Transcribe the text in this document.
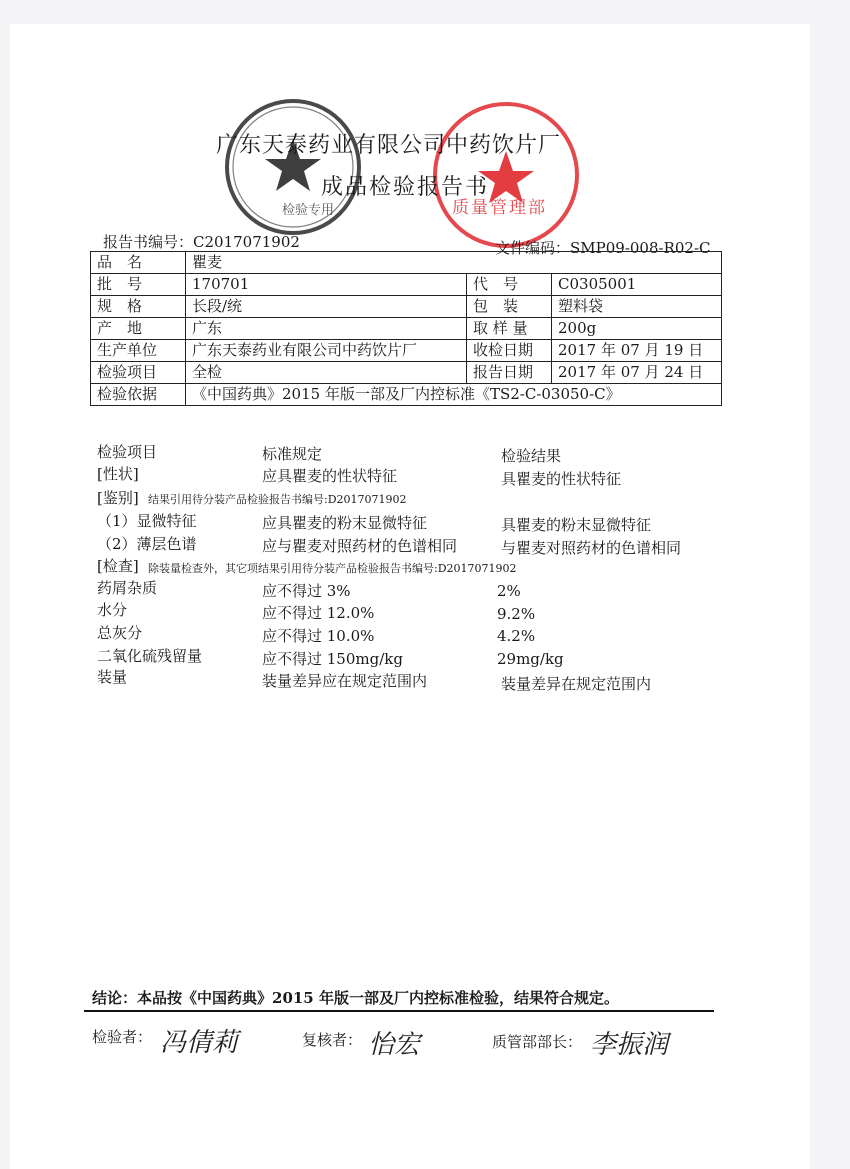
质量管理部
检验专用
广东天泰药业有限公司中药饮片厂
成品检验报告书
报告书编号：C2017071902	文件编码：SMP09-008-R02-C
品　名	瞿麦		
批　号	170701	代　号	C0305001
规　格	长段/统	包　装	塑料袋
产　地	广东	取 样 量	200g
生产单位	广东天泰药业有限公司中药饮片厂	收检日期	2017 年 07 月 19 日
检验项目	全检	报告日期	2017 年 07 月 24 日
检验依据	《中国药典》2015 年版一部及厂内控标准《TS2-C-03050-C》		
检验项目	标准规定	检验结果
[性状]	应具瞿麦的性状特征	具瞿麦的性状特征
[鉴别] 结果引用待分装产品检验报告书编号:D2017071902
（1）显微特征	应具瞿麦的粉末显微特征	具瞿麦的粉末显微特征
（2）薄层色谱	应与瞿麦对照药材的色谱相同	与瞿麦对照药材的色谱相同
[检查] 除装量检查外，其它项结果引用待分装产品检验报告书编号:D2017071902
药屑杂质	应不得过 3%	2%
水分	应不得过 12.0%	9.2%
总灰分	应不得过 10.0%	4.2%
二氧化硫残留量	应不得过 150mg/kg	29mg/kg
装量	装量差异应在规定范围内	装量差异在规定范围内
结论：本品按《中国药典》2015 年版一部及厂内控标准检验，结果符合规定。
检验者： 冯倩莉	复核者： 怡宏	质管部部长： 李振润
